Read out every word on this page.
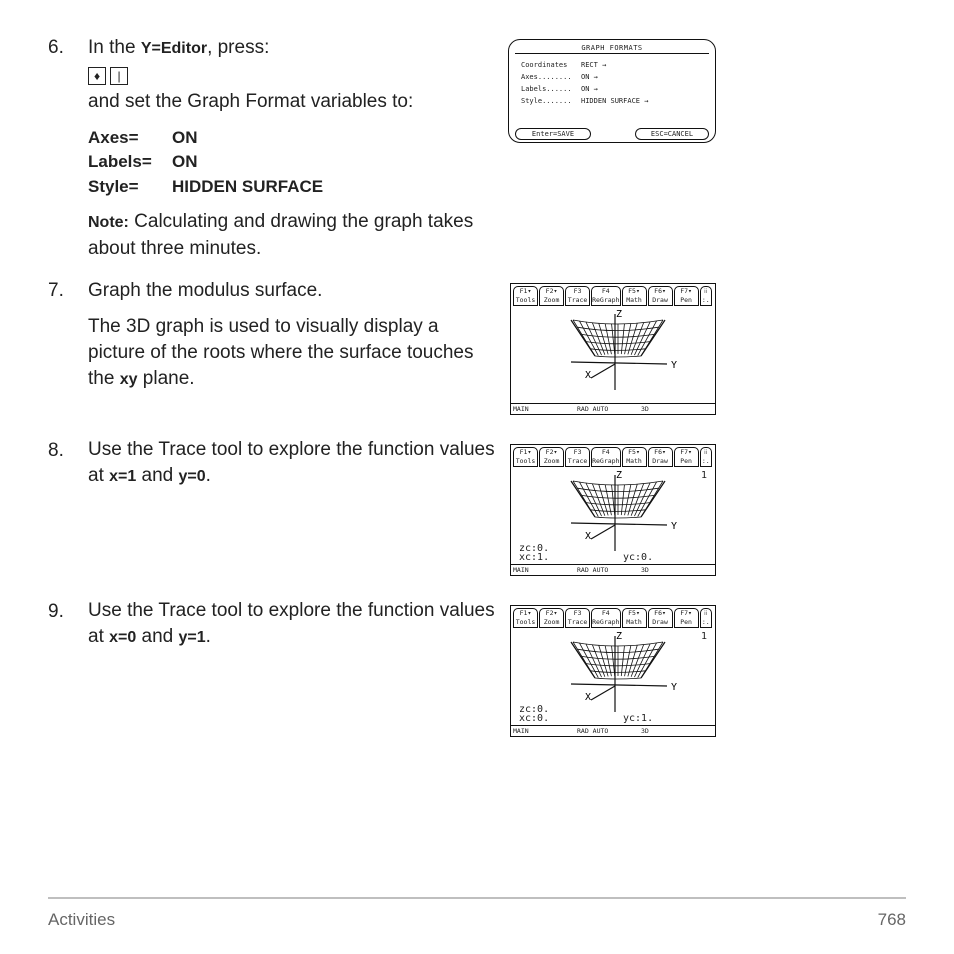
6. In the Y=Editor, press:
♦ |
and set the Graph Format variables to:
Axes= ON
Labels= ON
Style= HIDDEN SURFACE
Note: Calculating and drawing the graph takes about three minutes.
GRAPH FORMATS
Coordinates RECT →
Axes........ ON →
Labels...... ON →
Style....... HIDDEN SURFACE →
Enter=SAVE	ESC=CANCEL
7. Graph the modulus surface.
The 3D graph is used to visually display a picture of the roots where the surface touches the xy plane.
8. Use the Trace tool to explore the function values at x=1 and y=0.
9. Use the Trace tool to explore the function values at x=0 and y=1.
F1▾
Tools
F2▾
Zoom
F3
Trace
F4
ReGraph
F5▾
Math
F6▾
Draw
F7▾
Pen
⁞⁞
:.
Z
Y
X
MAIN	RAD AUTO	3D
F1▾
Tools
F2▾
Zoom
F3
Trace
F4
ReGraph
F5▾
Math
F6▾
Draw
F7▾
Pen
⁞⁞
:.
1
Z
Y
X
zc:0.
xc:1.	yc:0.
MAIN	RAD AUTO	3D
F1▾
Tools
F2▾
Zoom
F3
Trace
F4
ReGraph
F5▾
Math
F6▾
Draw
F7▾
Pen
⁞⁞
:.
1
Z
Y
X
zc:0.
xc:0.	yc:1.
MAIN	RAD AUTO	3D
Activities	768
